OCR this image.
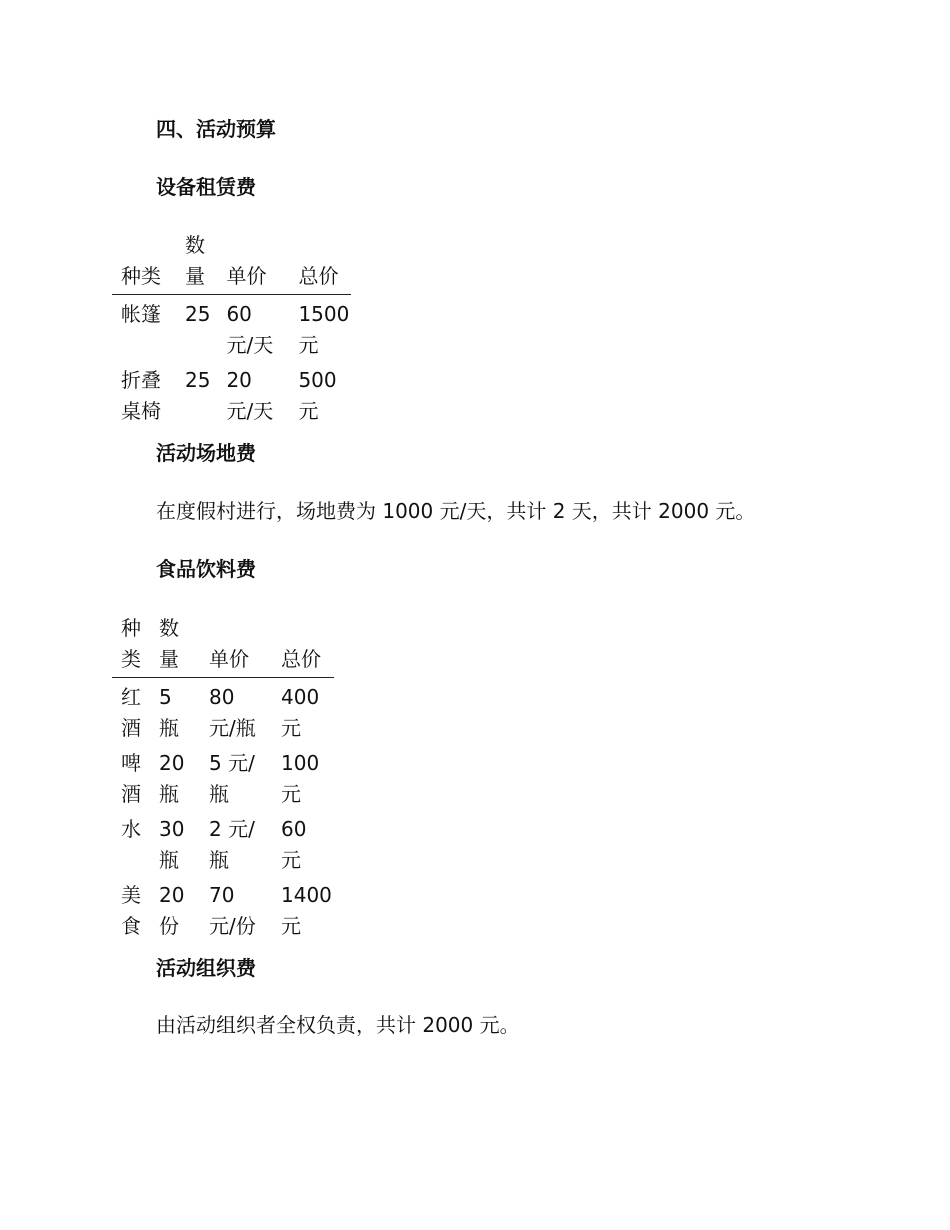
四、活动预算
设备租赁费
种类	数量	单价	总价
帐篷	25	60 元/天	1500 元

折叠桌椅	25	20 元/天	500 元
活动场地费
在度假村进行，场地费为 1000 元/天，共计 2 天，共计 2000 元。
食品饮料费
种类	数量	单价	总价

红酒	5 瓶	80 元/瓶	400 元

啤酒	20 瓶	5 元/瓶	100 元

水	30 瓶	2 元/瓶	60 元

美食	20 份	70 元/份	1400 元
活动组织费
由活动组织者全权负责，共计 2000 元。
